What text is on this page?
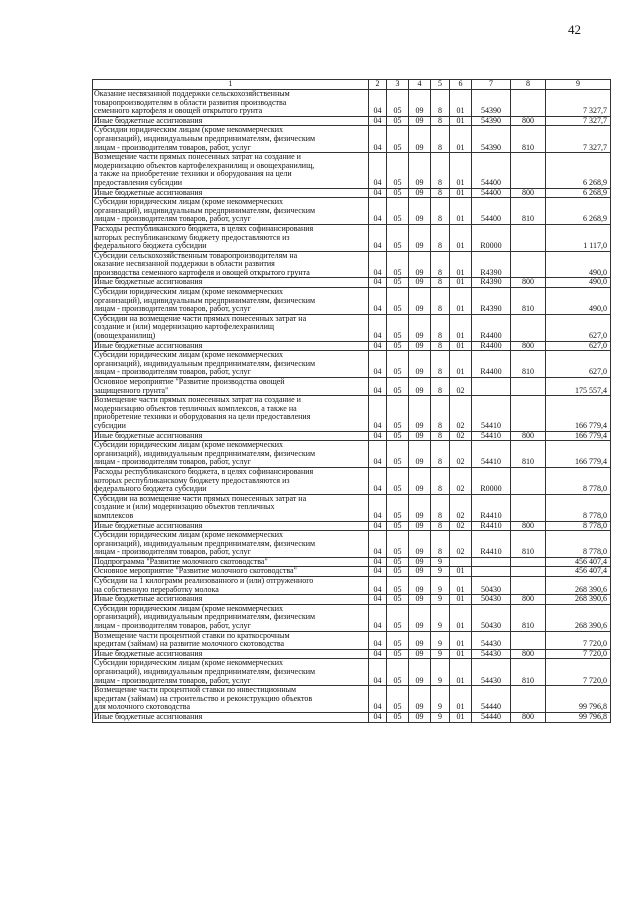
42
1	2	3	4	5	6	7	8	9
Оказание несвязанной поддержки сельскохозяйственным
товаропроизводителям в области развития производства
семенного картофеля и овощей открытого грунта	04	05	09	8	01	54390		7 327,7
Иные бюджетные ассигнования	04	05	09	8	01	54390	800	7 327,7
Субсидии юридическим лицам (кроме некоммерческих
организаций), индивидуальным предпринимателям, физическим
лицам - производителям товаров, работ, услуг	04	05	09	8	01	54390	810	7 327,7
Возмещение части прямых понесенных затрат на создание и
модернизацию объектов картофелехранилищ и овощехранилищ,
а также на приобретение техники и оборудования на цели
предоставления субсидии	04	05	09	8	01	54400		6 268,9
Иные бюджетные ассигнования	04	05	09	8	01	54400	800	6 268,9
Субсидии юридическим лицам (кроме некоммерческих
организаций), индивидуальным предпринимателям, физическим
лицам - производителям товаров, работ, услуг	04	05	09	8	01	54400	810	6 268,9
Расходы республиканского бюджета, в целях софинансирования
которых республиканскому бюджету предоставляются из
федерального бюджета субсидии	04	05	09	8	01	R0000		1 117,0
Субсидии сельскохозяйственным товаропроизводителям на
оказание несвязанной поддержки в области развития
производства семенного картофеля и овощей открытого грунта	04	05	09	8	01	R4390		490,0
Иные бюджетные ассигнования	04	05	09	8	01	R4390	800	490,0
Субсидии юридическим лицам (кроме некоммерческих
организаций), индивидуальным предпринимателям, физическим
лицам - производителям товаров, работ, услуг	04	05	09	8	01	R4390	810	490,0
Субсидии на возмещение части прямых понесенных затрат на
создание и (или) модернизацию картофелехранилищ
(овощехранилищ)	04	05	09	8	01	R4400		627,0
Иные бюджетные ассигнования	04	05	09	8	01	R4400	800	627,0
Субсидии юридическим лицам (кроме некоммерческих
организаций), индивидуальным предпринимателям, физическим
лицам - производителям товаров, работ, услуг	04	05	09	8	01	R4400	810	627,0
Основное мероприятие "Развитие производства овощей
защищенного грунта"	04	05	09	8	02			175 557,4
Возмещение части прямых понесенных затрат на создание и
модернизацию объектов тепличных комплексов, а также на
приобретение техники и оборудования на цели предоставления
субсидии	04	05	09	8	02	54410		166 779,4
Иные бюджетные ассигнования	04	05	09	8	02	54410	800	166 779,4
Субсидии юридическим лицам (кроме некоммерческих
организаций), индивидуальным предпринимателям, физическим
лицам - производителям товаров, работ, услуг	04	05	09	8	02	54410	810	166 779,4
Расходы республиканского бюджета, в целях софинансирования
которых республиканскому бюджету предоставляются из
федерального бюджета субсидии	04	05	09	8	02	R0000		8 778,0
Субсидии на возмещение части прямых понесенных затрат на
создание и (или) модернизацию объектов тепличных
комплексов	04	05	09	8	02	R4410		8 778,0
Иные бюджетные ассигнования	04	05	09	8	02	R4410	800	8 778,0
Субсидии юридическим лицам (кроме некоммерческих
организаций), индивидуальным предпринимателям, физическим
лицам - производителям товаров, работ, услуг	04	05	09	8	02	R4410	810	8 778,0
Подпрограмма "Развитие молочного скотоводства"	04	05	09	9				456 407,4
Основное мероприятие "Развитие молочного скотоводства"	04	05	09	9	01			456 407,4
Субсидии на 1 килограмм реализованного и (или) отгруженного
на собственную переработку молока	04	05	09	9	01	50430		268 390,6
Иные бюджетные ассигнования	04	05	09	9	01	50430	800	268 390,6
Субсидии юридическим лицам (кроме некоммерческих
организаций), индивидуальным предпринимателям, физическим
лицам - производителям товаров, работ, услуг	04	05	09	9	01	50430	810	268 390,6
Возмещение части процентной ставки по краткосрочным
кредитам (займам) на развитие молочного скотоводства	04	05	09	9	01	54430		7 720,0
Иные бюджетные ассигнования	04	05	09	9	01	54430	800	7 720,0
Субсидии юридическим лицам (кроме некоммерческих
организаций), индивидуальным предпринимателям, физическим
лицам - производителям товаров, работ, услуг	04	05	09	9	01	54430	810	7 720,0
Возмещение части процентной ставки по инвестиционным
кредитам (займам) на строительство и реконструкцию объектов
для молочного скотоводства	04	05	09	9	01	54440		99 796,8
Иные бюджетные ассигнования	04	05	09	9	01	54440	800	99 796,8
